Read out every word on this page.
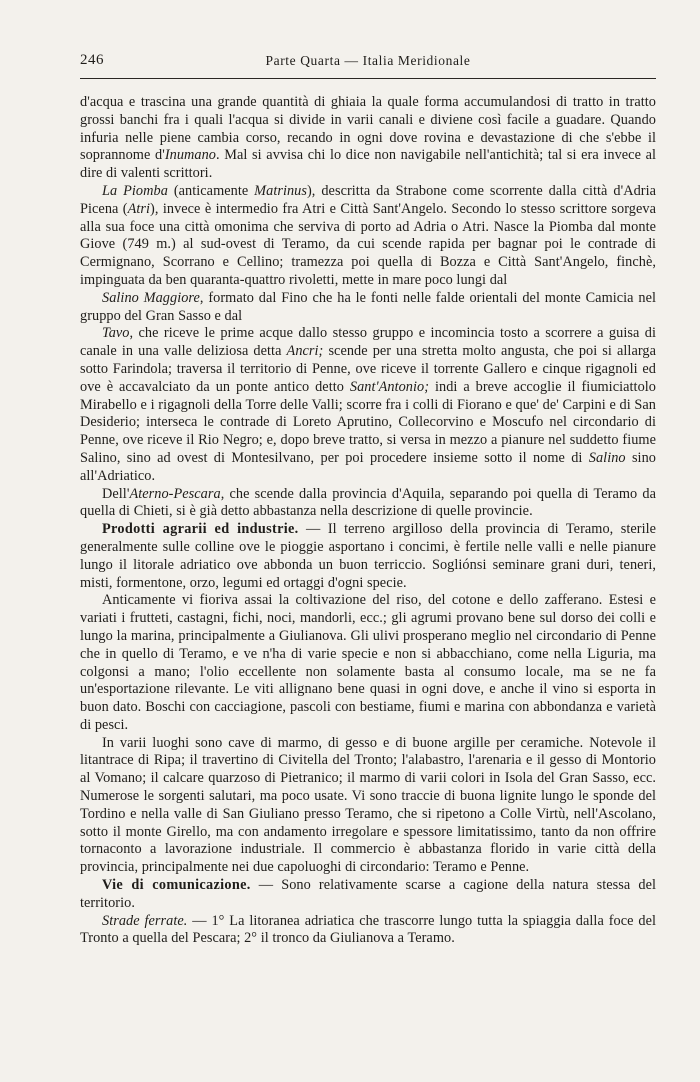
246	Parte Quarta — Italia Meridionale

d'acqua e trascina una grande quantità di ghiaia la quale forma accumulandosi di tratto in tratto grossi banchi fra i quali l'acqua si divide in varii canali e diviene così facile a guadare. Quando infuria nelle piene cambia corso, recando in ogni dove rovina e devastazione di che s'ebbe il soprannome d'Inumano. Mal si avvisa chi lo dice non navigabile nell'antichità; tal si era invece al dire di valenti scrittori.

La Piomba (anticamente Matrinus), descritta da Strabone come scorrente dalla città d'Adria Picena (Atri), invece è intermedio fra Atri e Città Sant'Angelo. Secondo lo stesso scrittore sorgeva alla sua foce una città omonima che serviva di porto ad Adria o Atri. Nasce la Piomba dal monte Giove (749 m.) al sud-ovest di Teramo, da cui scende rapida per bagnar poi le contrade di Cermignano, Scorrano e Cellino; tramezza poi quella di Bozza e Città Sant'Angelo, finchè, impinguata da ben quaranta-quattro rivoletti, mette in mare poco lungi dal

Salino Maggiore, formato dal Fino che ha le fonti nelle falde orientali del monte Camicia nel gruppo del Gran Sasso e dal

Tavo, che riceve le prime acque dallo stesso gruppo e incomincia tosto a scorrere a guisa di canale in una valle deliziosa detta Ancri; scende per una stretta molto angusta, che poi si allarga sotto Farindola; traversa il territorio di Penne, ove riceve il torrente Gallero e cinque rigagnoli ed ove è accavalciato da un ponte antico detto Sant'Antonio; indi a breve accoglie il fiumiciattolo Mirabello e i rigagnoli della Torre delle Valli; scorre fra i colli di Fiorano e que' de' Carpini e di San Desiderio; interseca le contrade di Loreto Aprutino, Collecorvino e Moscufo nel circondario di Penne, ove riceve il Rio Negro; e, dopo breve tratto, si versa in mezzo a pianure nel suddetto fiume Salino, sino ad ovest di Montesilvano, per poi procedere insieme sotto il nome di Salino sino all'Adriatico.

Dell'Aterno-Pescara, che scende dalla provincia d'Aquila, separando poi quella di Teramo da quella di Chieti, si è già detto abbastanza nella descrizione di quelle provincie.

Prodotti agrarii ed industrie. — Il terreno argilloso della provincia di Teramo, sterile generalmente sulle colline ove le pioggie asportano i concimi, è fertile nelle valli e nelle pianure lungo il litorale adriatico ove abbonda un buon terriccio. Sogliónsi seminare grani duri, teneri, misti, formentone, orzo, legumi ed ortaggi d'ogni specie.

Anticamente vi fioriva assai la coltivazione del riso, del cotone e dello zafferano. Estesi e variati i frutteti, castagni, fichi, noci, mandorli, ecc.; gli agrumi provano bene sul dorso dei colli e lungo la marina, principalmente a Giulianova. Gli ulivi prosperano meglio nel circondario di Penne che in quello di Teramo, e ve n'ha di varie specie e non si abbacchiano, come nella Liguria, ma colgonsi a mano; l'olio eccellente non solamente basta al consumo locale, ma se ne fa un'esportazione rilevante. Le viti allignano bene quasi in ogni dove, e anche il vino si esporta in buon dato. Boschi con cacciagione, pascoli con bestiame, fiumi e marina con abbondanza e varietà di pesci.

In varii luoghi sono cave di marmo, di gesso e di buone argille per ceramiche. Notevole il litantrace di Ripa; il travertino di Civitella del Tronto; l'alabastro, l'arenaria e il gesso di Montorio al Vomano; il calcare quarzoso di Pietranico; il marmo di varii colori in Isola del Gran Sasso, ecc. Numerose le sorgenti salutari, ma poco usate. Vi sono traccie di buona lignite lungo le sponde del Tordino e nella valle di San Giuliano presso Teramo, che si ripetono a Colle Virtù, nell'Ascolano, sotto il monte Girello, ma con andamento irregolare e spessore limitatissimo, tanto da non offrire tornaconto a lavorazione industriale. Il commercio è abbastanza florido in varie città della provincia, principalmente nei due capoluoghi di circondario: Teramo e Penne.

Vie di comunicazione. — Sono relativamente scarse a cagione della natura stessa del territorio.

Strade ferrate. — 1° La litoranea adriatica che trascorre lungo tutta la spiaggia dalla foce del Tronto a quella del Pescara; 2° il tronco da Giulianova a Teramo.
